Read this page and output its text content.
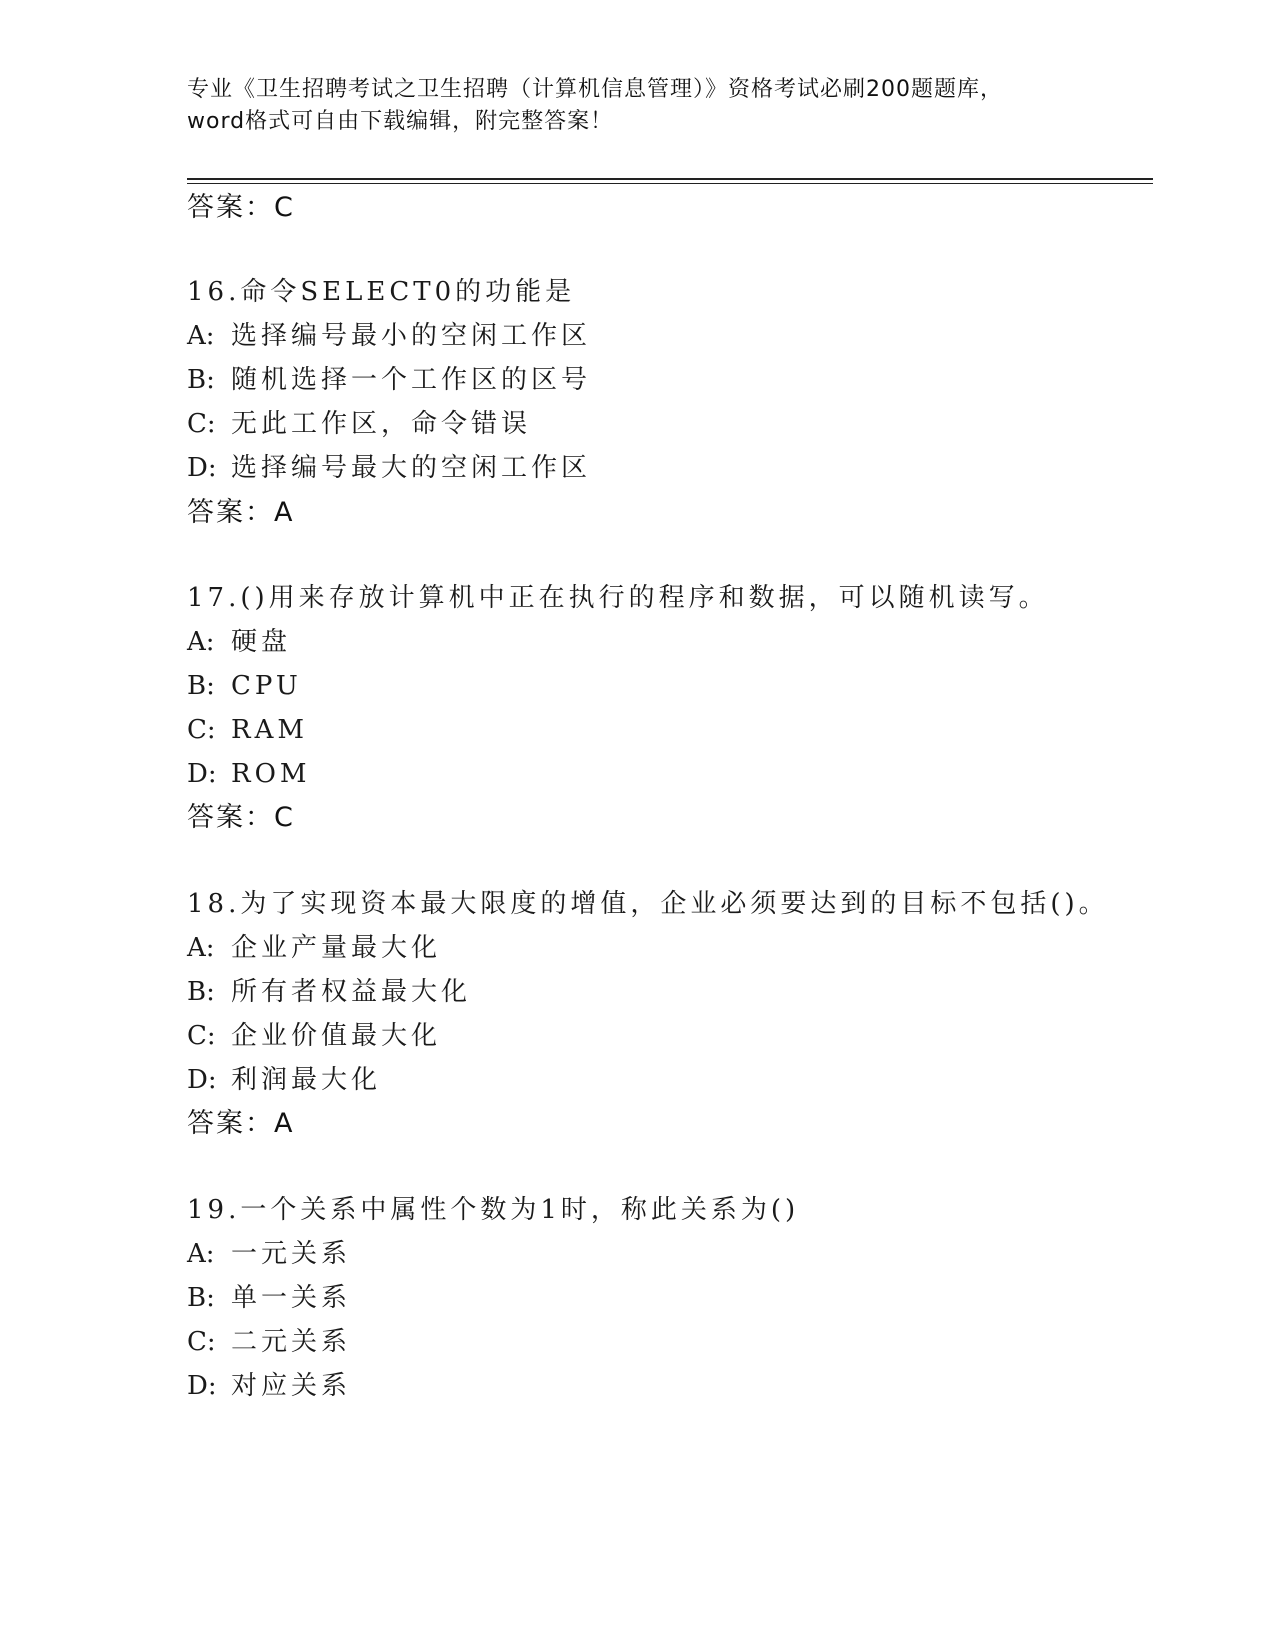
专业《卫生招聘考试之卫生招聘（计算机信息管理）》资格考试必刷200题题库，
word格式可自由下载编辑，附完整答案！
答案：C
16.命令SELECT0的功能是
A: 选择编号最小的空闲工作区
B: 随机选择一个工作区的区号
C: 无此工作区，命令错误
D: 选择编号最大的空闲工作区
答案：A
17.()用来存放计算机中正在执行的程序和数据，可以随机读写。
A: 硬盘
B: CPU
C: RAM
D: ROM
答案：C
18.为了实现资本最大限度的增值，企业必须要达到的目标不包括()。
A: 企业产量最大化
B: 所有者权益最大化
C: 企业价值最大化
D: 利润最大化
答案：A
19.一个关系中属性个数为1时，称此关系为()
A: 一元关系
B: 单一关系
C: 二元关系
D: 对应关系
